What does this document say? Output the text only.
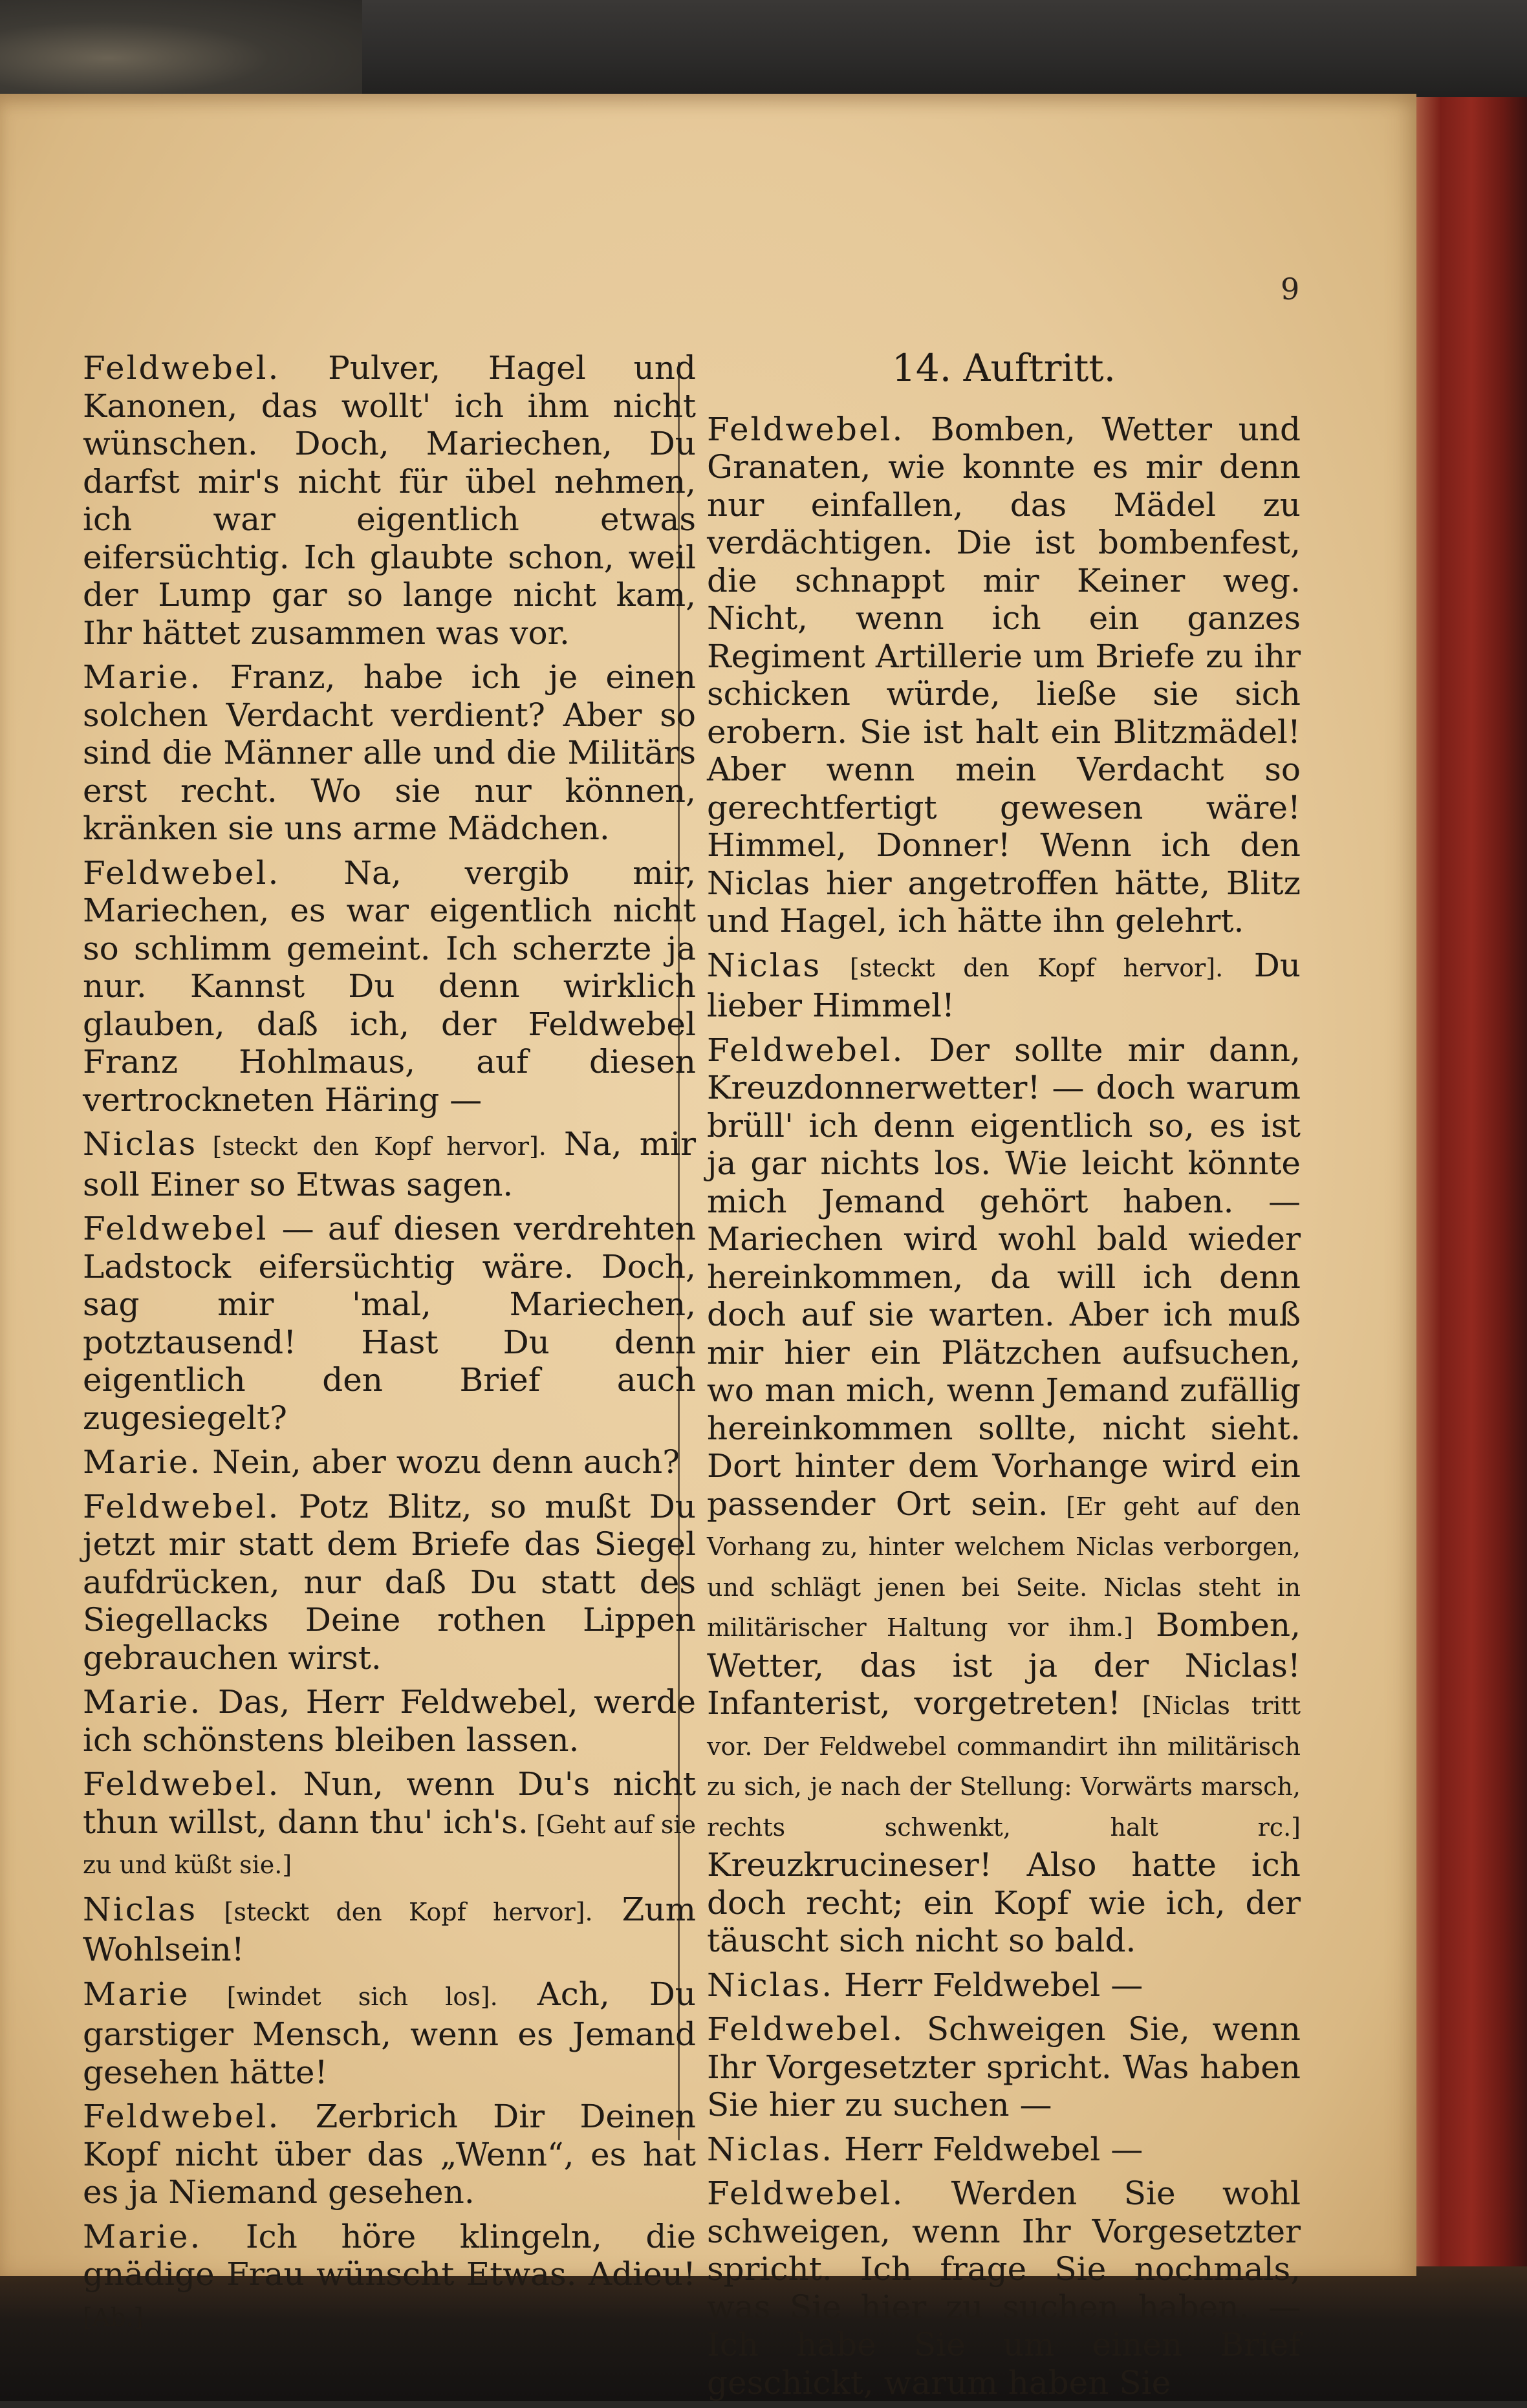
9

Feldwebel. Pulver, Hagel und Kanonen, das wollt' ich ihm nicht wünschen. Doch, Mariechen, Du darfst mir's nicht für übel nehmen, ich war eigentlich etwas eifersüchtig. Ich glaubte schon, weil der Lump gar so lange nicht kam, Ihr hättet zusammen was vor.

Marie. Franz, habe ich je einen solchen Verdacht verdient? Aber so sind die Männer alle und die Militärs erst recht. Wo sie nur können, kränken sie uns arme Mädchen.

Feldwebel. Na, vergib mir, Mariechen, es war eigentlich nicht so schlimm gemeint. Ich scherzte ja nur. Kannst Du denn wirklich glauben, daß ich, der Feldwebel Franz Hohlmaus, auf diesen vertrockneten Häring —

Niclas [steckt den Kopf hervor]. Na, mir soll Einer so Etwas sagen.

Feldwebel — auf diesen verdrehten Ladstock eifersüchtig wäre. Doch, sag mir 'mal, Mariechen, potztausend! Hast Du denn eigentlich den Brief auch zugesiegelt?

Marie. Nein, aber wozu denn auch?

Feldwebel. Potz Blitz, so mußt Du jetzt mir statt dem Briefe das Siegel aufdrücken, nur daß Du statt des Siegellacks Deine rothen Lippen gebrauchen wirst.

Marie. Das, Herr Feldwebel, werde ich schönstens bleiben lassen.

Feldwebel. Nun, wenn Du's nicht thun willst, dann thu' ich's. [Geht auf sie zu und küßt sie.]

Niclas [steckt den Kopf hervor]. Zum Wohlsein!

Marie [windet sich los]. Ach, Du garstiger Mensch, wenn es Jemand gesehen hätte!

Feldwebel. Zerbrich Dir Deinen Kopf nicht über das „Wenn“, es hat es ja Niemand gesehen.

Marie. Ich höre klingeln, die gnädige Frau wünscht Etwas. Adieu! [Ab.]

14. Auftritt.

Feldwebel. Bomben, Wetter und Granaten, wie konnte es mir denn nur einfallen, das Mädel zu verdächtigen. Die ist bombenfest, die schnappt mir Keiner weg. Nicht, wenn ich ein ganzes Regiment Artillerie um Briefe zu ihr schicken würde, ließe sie sich erobern. Sie ist halt ein Blitzmädel! Aber wenn mein Verdacht so gerechtfertigt gewesen wäre! Himmel, Donner! Wenn ich den Niclas hier angetroffen hätte, Blitz und Hagel, ich hätte ihn gelehrt.

Niclas [steckt den Kopf hervor]. Du lieber Himmel!

Feldwebel. Der sollte mir dann, Kreuzdonnerwetter! — doch warum brüll' ich denn eigentlich so, es ist ja gar nichts los. Wie leicht könnte mich Jemand gehört haben. — Mariechen wird wohl bald wieder hereinkommen, da will ich denn doch auf sie warten. Aber ich muß mir hier ein Plätzchen aufsuchen, wo man mich, wenn Jemand zufällig hereinkommen sollte, nicht sieht. Dort hinter dem Vorhange wird ein passender Ort sein. [Er geht auf den Vorhang zu, hinter welchem Niclas verborgen, und schlägt jenen bei Seite. Niclas steht in militärischer Haltung vor ihm.] Bomben, Wetter, das ist ja der Niclas! Infanterist, vorgetreten! [Niclas tritt vor. Der Feldwebel commandirt ihn militärisch zu sich, je nach der Stellung: Vorwärts marsch, rechts schwenkt, halt rc.] Kreuzkrucineser! Also hatte ich doch recht; ein Kopf wie ich, der täuscht sich nicht so bald.

Niclas. Herr Feldwebel —

Feldwebel. Schweigen Sie, wenn Ihr Vorgesetzter spricht. Was haben Sie hier zu suchen —

Niclas. Herr Feldwebel —

Feldwebel. Werden Sie wohl schweigen, wenn Ihr Vorgesetzter spricht. Ich frage Sie nochmals, was Sie hier zu suchen haben. — Ich habe Sie um einen Brief geschickt, warum haben Sie
